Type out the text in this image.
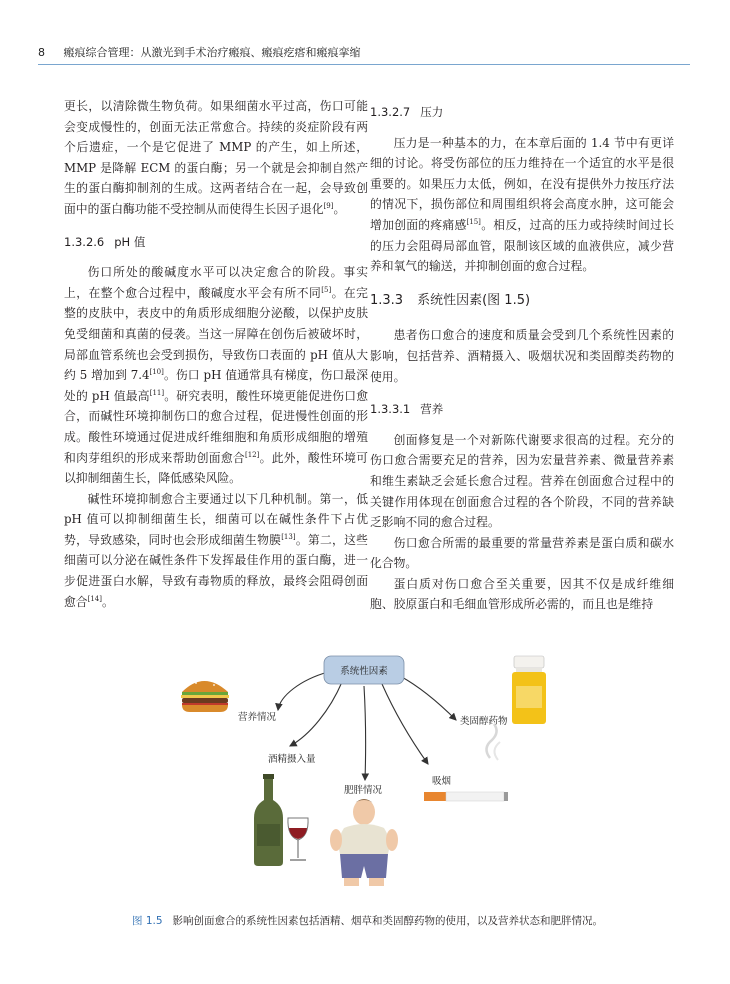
8 瘢痕综合管理：从激光到手术治疗瘢痕、瘢痕疙瘩和瘢痕挛缩

更长，以清除微生物负荷。如果细菌水平过高，伤口可能会变成慢性的，创面无法正常愈合。持续的炎症阶段有两个后遗症，一个是它促进了 MMP 的产生，如上所述，MMP 是降解 ECM 的蛋白酶；另一个就是会抑制自然产生的蛋白酶抑制剂的生成。这两者结合在一起，会导致创面中的蛋白酶功能不受控制从而使得生长因子退化[9]。

1.3.2.6 pH 值

伤口所处的酸碱度水平可以决定愈合的阶段。事实上，在整个愈合过程中，酸碱度水平会有所不同[5]。在完整的皮肤中，表皮中的角质形成细胞分泌酸，以保护皮肤免受细菌和真菌的侵袭。当这一屏障在创伤后被破坏时，局部血管系统也会受到损伤，导致伤口表面的 pH 值从大约 5 增加到 7.4[10]。伤口 pH 值通常具有梯度，伤口最深处的 pH 值最高[11]。研究表明，酸性环境更能促进伤口愈合，而碱性环境抑制伤口的愈合过程，促进慢性创面的形成。酸性环境通过促进成纤维细胞和角质形成细胞的增殖和肉芽组织的形成来帮助创面愈合[12]。此外，酸性环境可以抑制细菌生长，降低感染风险。

碱性环境抑制愈合主要通过以下几种机制。第一，低 pH 值可以抑制细菌生长，细菌可以在碱性条件下占优势，导致感染，同时也会形成细菌生物膜[13]。第二，这些细菌可以分泌在碱性条件下发挥最佳作用的蛋白酶，进一步促进蛋白水解，导致有毒物质的释放，最终会阻碍创面愈合[14]。

1.3.2.7 压力

压力是一种基本的力，在本章后面的 1.4 节中有更详细的讨论。将受伤部位的压力维持在一个适宜的水平是很重要的。如果压力太低，例如，在没有提供外力按压疗法的情况下，损伤部位和周围组织将会高度水肿，这可能会增加创面的疼痛感[15]。相反，过高的压力或持续时间过长的压力会阻碍局部血管，限制该区域的血液供应，减少营养和氧气的输送，并抑制创面的愈合过程。

1.3.3 系统性因素(图 1.5)

患者伤口愈合的速度和质量会受到几个系统性因素的影响，包括营养、酒精摄入、吸烟状况和类固醇类药物的使用。

1.3.3.1 营养

创面修复是一个对新陈代谢要求很高的过程。充分的伤口愈合需要充足的营养，因为宏量营养素、微量营养素和维生素缺乏会延长愈合过程。营养在创面愈合过程中的关键作用体现在创面愈合过程的各个阶段，不同的营养缺乏影响不同的愈合过程。

伤口愈合所需的最重要的常量营养素是蛋白质和碳水化合物。

蛋白质对伤口愈合至关重要，因其不仅是成纤维细胞、胶原蛋白和毛细血管形成所必需的，而且也是维持

系统性因素
营养情况
酒精摄入量
肥胖情况
吸烟
类固醇药物
图 1.5 影响创面愈合的系统性因素包括酒精、烟草和类固醇药物的使用，以及营养状态和肥胖情况。
